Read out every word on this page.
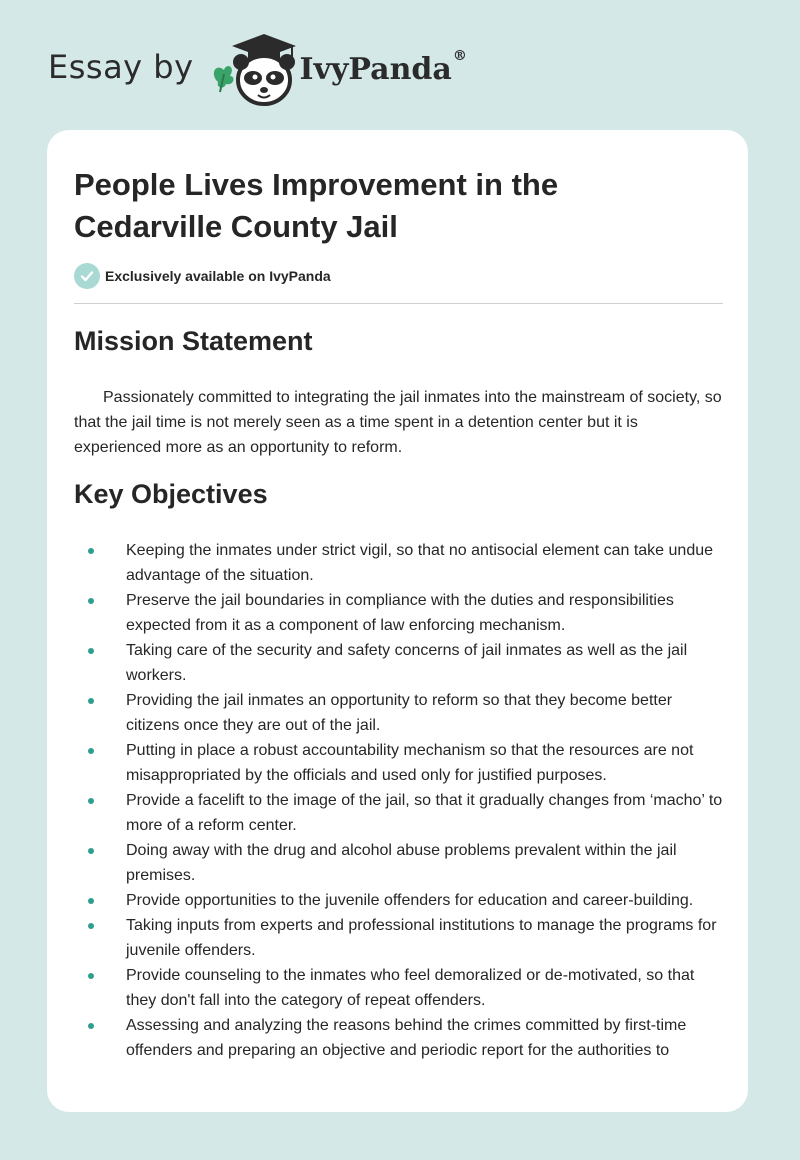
Essay by	IvyPanda®
People Lives Improvement in the Cedarville County Jail
Exclusively available on IvyPanda
Mission Statement

Passionately committed to integrating the jail inmates into the mainstream of society, so that the jail time is not merely seen as a time spent in a detention center but it is experienced more as an opportunity to reform.

Key Objectives
Keeping the inmates under strict vigil, so that no antisocial element can take undue advantage of the situation.
Preserve the jail boundaries in compliance with the duties and responsibilities expected from it as a component of law enforcing mechanism.
Taking care of the security and safety concerns of jail inmates as well as the jail workers.
Providing the jail inmates an opportunity to reform so that they become better citizens once they are out of the jail.
Putting in place a robust accountability mechanism so that the resources are not misappropriated by the officials and used only for justified purposes.
Provide a facelift to the image of the jail, so that it gradually changes from ‘macho’ to more of a reform center.
Doing away with the drug and alcohol abuse problems prevalent within the jail premises.
Provide opportunities to the juvenile offenders for education and career-building.
Taking inputs from experts and professional institutions to manage the programs for juvenile offenders.
Provide counseling to the inmates who feel demoralized or de-motivated, so that they don't fall into the category of repeat offenders.
Assessing and analyzing the reasons behind the crimes committed by first-time offenders and preparing an objective and periodic report for the authorities to
